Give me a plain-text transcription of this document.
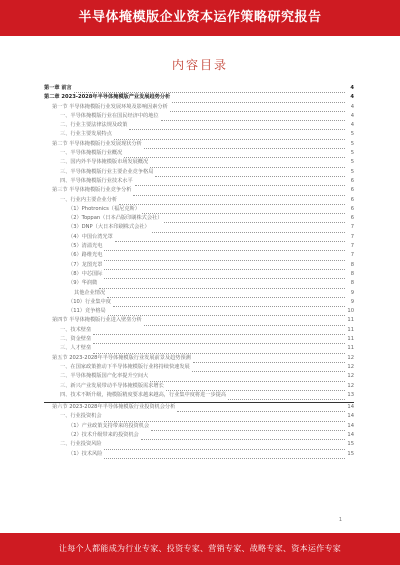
半导体掩模版企业资本运作策略研究报告
内容目录
第一章 前言	4
第二章 2023-2028年半导体掩模版产业发展趋势分析	4
第一节 半导体掩模版行业发展环境及影响因素分析	4
一、半导体掩模版行业在国民经济中的地位	4
二、行业主要法律法规及政策	4
三、行业主要发展特点	5
第二节 半导体掩模版行业发展现状分析	5
一、半导体掩模版行业概况	5
二、国内外半导体掩模版市场发展概况	5
三、半导体掩模版行业主要企业竞争格局	5
四、半导体掩模版行业技术水平	6
第三节 半导体掩模版行业竞争分析	6
一、行业内主要企业分析	6
（1）Photronics（福尼克斯）	6
（2）Toppan（日本凸版印刷株式会社）	6
（3）DNP（大日本印刷株式会社）	7
（4）中国台湾光罩	7
（5）清溢光电	7
（6）路维光电	7
（7）龙图光罩	8
（8）中芯国际	8
（9）华润微	8
其他企业情况	9
（10）行业集中度	9
（11）竞争格局	10
第四节 半导体掩模版行业进入壁垒分析	11
一、技术壁垒	11
二、资金壁垒	11
三、人才壁垒	11
第五节 2023-2028年半导体掩模版行业发展前景及趋势预测	12
一、在国家政策推动下半导体掩模版行业将持续快速发展	12
二、半导体掩模版国产化率提升空间大	12
三、新兴产业发展带动半导体掩模版需求增长	12
四、技术不断升级，掩模版精度要求越来越高，行业集中度将进一步提高	13
第六节 2023-2028年半导体掩模版行业投资机会分析	14
一、行业投资机会	14
（1）产业政策支持带来的投资机会	14
（2）技术升级带来的投资机会	14
二、行业投资风险	15
（1）技术风险	15
1
让每个人都能成为行业专家、投资专家、营销专家、战略专家、资本运作专家
